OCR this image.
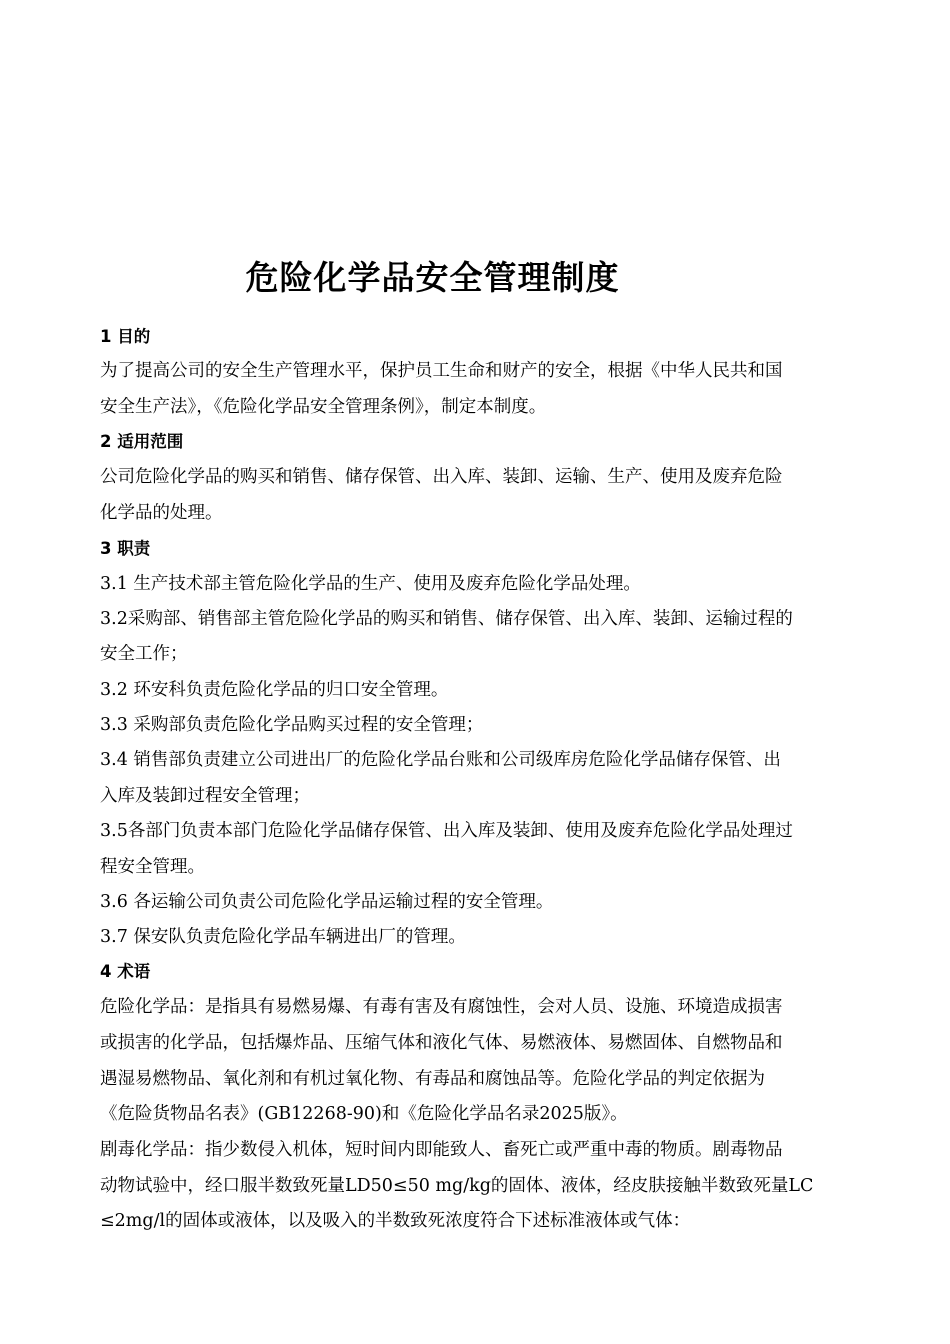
危险化学品安全管理制度
1 目的
为了提高公司的安全生产管理水平，保护员工生命和财产的安全，根据《中华人民共和国
安全生产法》，《危险化学品安全管理条例》，制定本制度。
2 适用范围
公司危险化学品的购买和销售、储存保管、出入库、装卸、运输、生产、使用及废弃危险
化学品的处理。
3 职责
3.1 生产技术部主管危险化学品的生产、使用及废弃危险化学品处理。
3.2采购部、销售部主管危险化学品的购买和销售、储存保管、出入库、装卸、运输过程的
安全工作；
3.2 环安科负责危险化学品的归口安全管理。
3.3 采购部负责危险化学品购买过程的安全管理；
3.4 销售部负责建立公司进出厂的危险化学品台账和公司级库房危险化学品储存保管、出
入库及装卸过程安全管理；
3.5各部门负责本部门危险化学品储存保管、出入库及装卸、使用及废弃危险化学品处理过
程安全管理。
3.6 各运输公司负责公司危险化学品运输过程的安全管理。
3.7 保安队负责危险化学品车辆进出厂的管理。
4 术语
危险化学品：是指具有易燃易爆、有毒有害及有腐蚀性，会对人员、设施、环境造成损害
或损害的化学品，包括爆炸品、压缩气体和液化气体、易燃液体、易燃固体、自燃物品和
遇湿易燃物品、氧化剂和有机过氧化物、有毒品和腐蚀品等。危险化学品的判定依据为
《危险货物品名表》(GB12268-90)和《危险化学品名录2025版》。
剧毒化学品：指少数侵入机体，短时间内即能致人、畜死亡或严重中毒的物质。剧毒物品
动物试验中，经口服半数致死量LD50≤50 mg/kg的固体、液体，经皮肤接触半数致死量LC
≤2mg/l的固体或液体，以及吸入的半数致死浓度符合下述标准液体或气体：
